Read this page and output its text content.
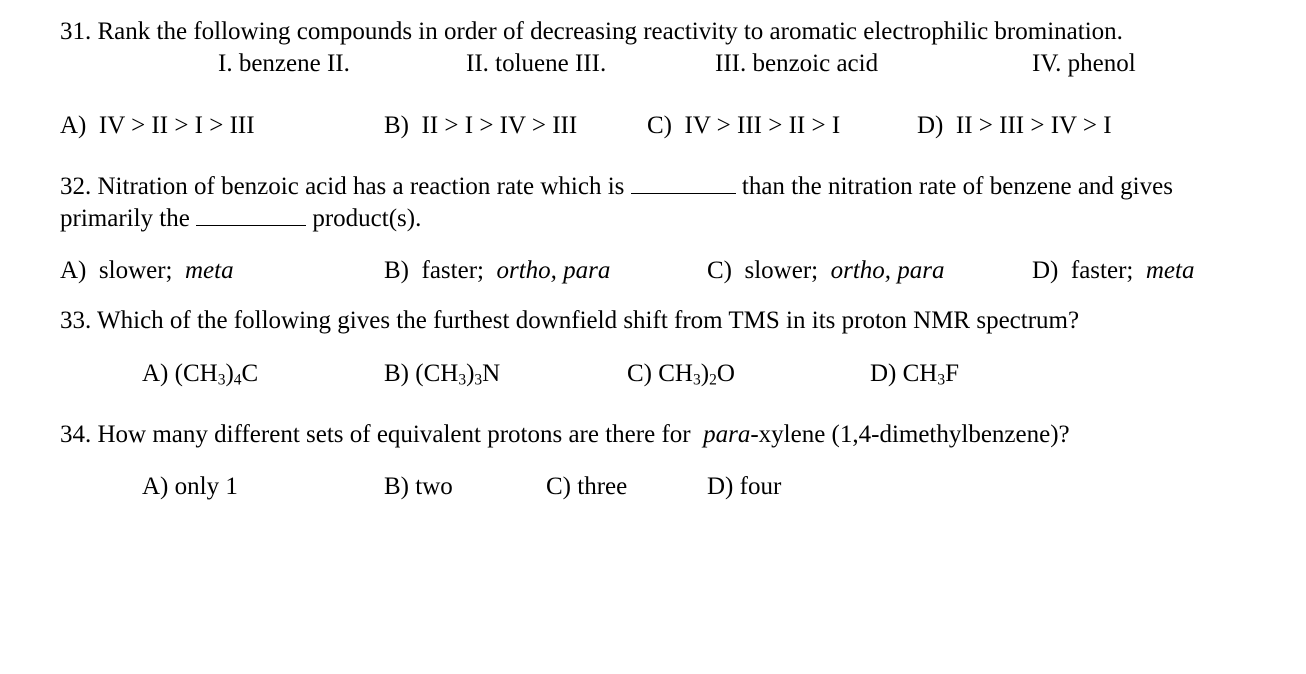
31. Rank the following compounds in order of decreasing reactivity to aromatic electrophilic bromination.
I. benzene II.	II. toluene III.	III. benzoic acid	IV. phenol
A) IV > II > I > III	B) II > I > IV > III	C) IV > III > II > I	D) II > III > IV > I
32. Nitration of benzoic acid has a reaction rate which is	than the nitration rate of benzene and gives
primarily the	product(s).
A) slower; meta	B) faster; ortho, para	C) slower; ortho, para	D) faster; meta
33. Which of the following gives the furthest downfield shift from TMS in its proton NMR spectrum?
A) $(CH_3)_4C$	B) $(CH_3)_3N$	C) $CH_3)_2O$	D) $CH_3F$
34. How many different sets of equivalent protons are there for para-xylene (1,4-dimethylbenzene)?
A) only 1	B) two	C) three	D) four
